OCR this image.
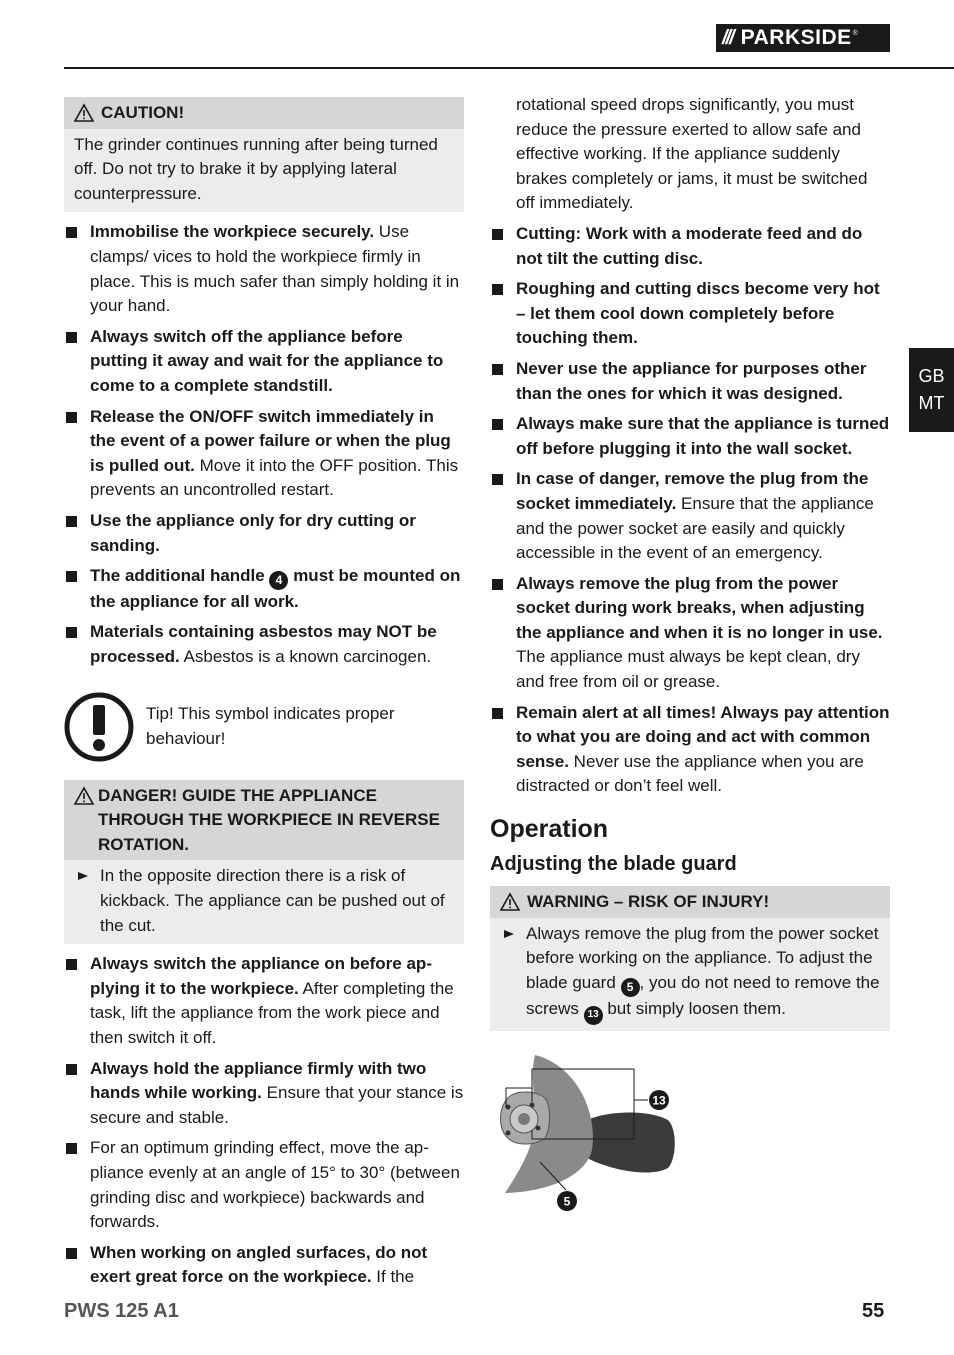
/// PARKSIDE ®
GB
MT
CAUTION!
The grinder continues running after being turned off. Do not try to brake it by applying lateral counterpressure.
Immobilise the workpiece securely. Use clamps/ vices to hold the workpiece firmly in place. This is much safer than simply holding it in your hand.
Always switch off the appliance before putting it away and wait for the appliance to come to a complete standstill.
Release the ON/OFF switch immediately in the event of a power failure or when the plug is pulled out. Move it into the OFF position. This prevents an uncontrolled restart.
Use the appliance only for dry cutting or sanding.
The additional handle 4 must be mounted on the appliance for all work.
Materials containing asbestos may NOT be processed. Asbestos is a known carcinogen.
Tip! This symbol indicates proper behaviour!
DANGER! GUIDE THE APPLIANCE THROUGH THE WORKPIECE IN REVERSE ROTATION.
In the opposite direction there is a risk of kickback. The appliance can be pushed out of the cut.
Always switch the appliance on before applying it to the workpiece. After completing the task, lift the appliance from the work piece and then switch it off.
Always hold the appliance firmly with two hands while working. Ensure that your stance is secure and stable.
For an optimum grinding effect, move the appliance evenly at an angle of 15° to 30° (between grinding disc and workpiece) backwards and forwards.
When working on angled surfaces, do not exert great force on the workpiece. If the
rotational speed drops significantly, you must reduce the pressure exerted to allow safe and effective working. If the appliance suddenly brakes completely or jams, it must be switched off immediately.
Cutting: Work with a moderate feed and do not tilt the cutting disc.
Roughing and cutting discs become very hot – let them cool down completely before touching them.
Never use the appliance for purposes other than the ones for which it was designed.
Always make sure that the appliance is turned off before plugging it into the wall socket.
In case of danger, remove the plug from the socket immediately. Ensure that the appliance and the power socket are easily and quickly accessible in the event of an emergency.
Always remove the plug from the power socket during work breaks, when adjusting the appliance and when it is no longer in use. The appliance must always be kept clean, dry and free from oil or grease.
Remain alert at all times! Always pay attention to what you are doing and act with common sense. Never use the appliance when you are distracted or don’t feel well.
Operation
Adjusting the blade guard
WARNING – RISK OF INJURY!
Always remove the plug from the power socket before working on the appliance. To adjust the blade guard 5 , you do not need to remove the screws 13 but simply loosen them.
13
5
PWS 125 A1	55
